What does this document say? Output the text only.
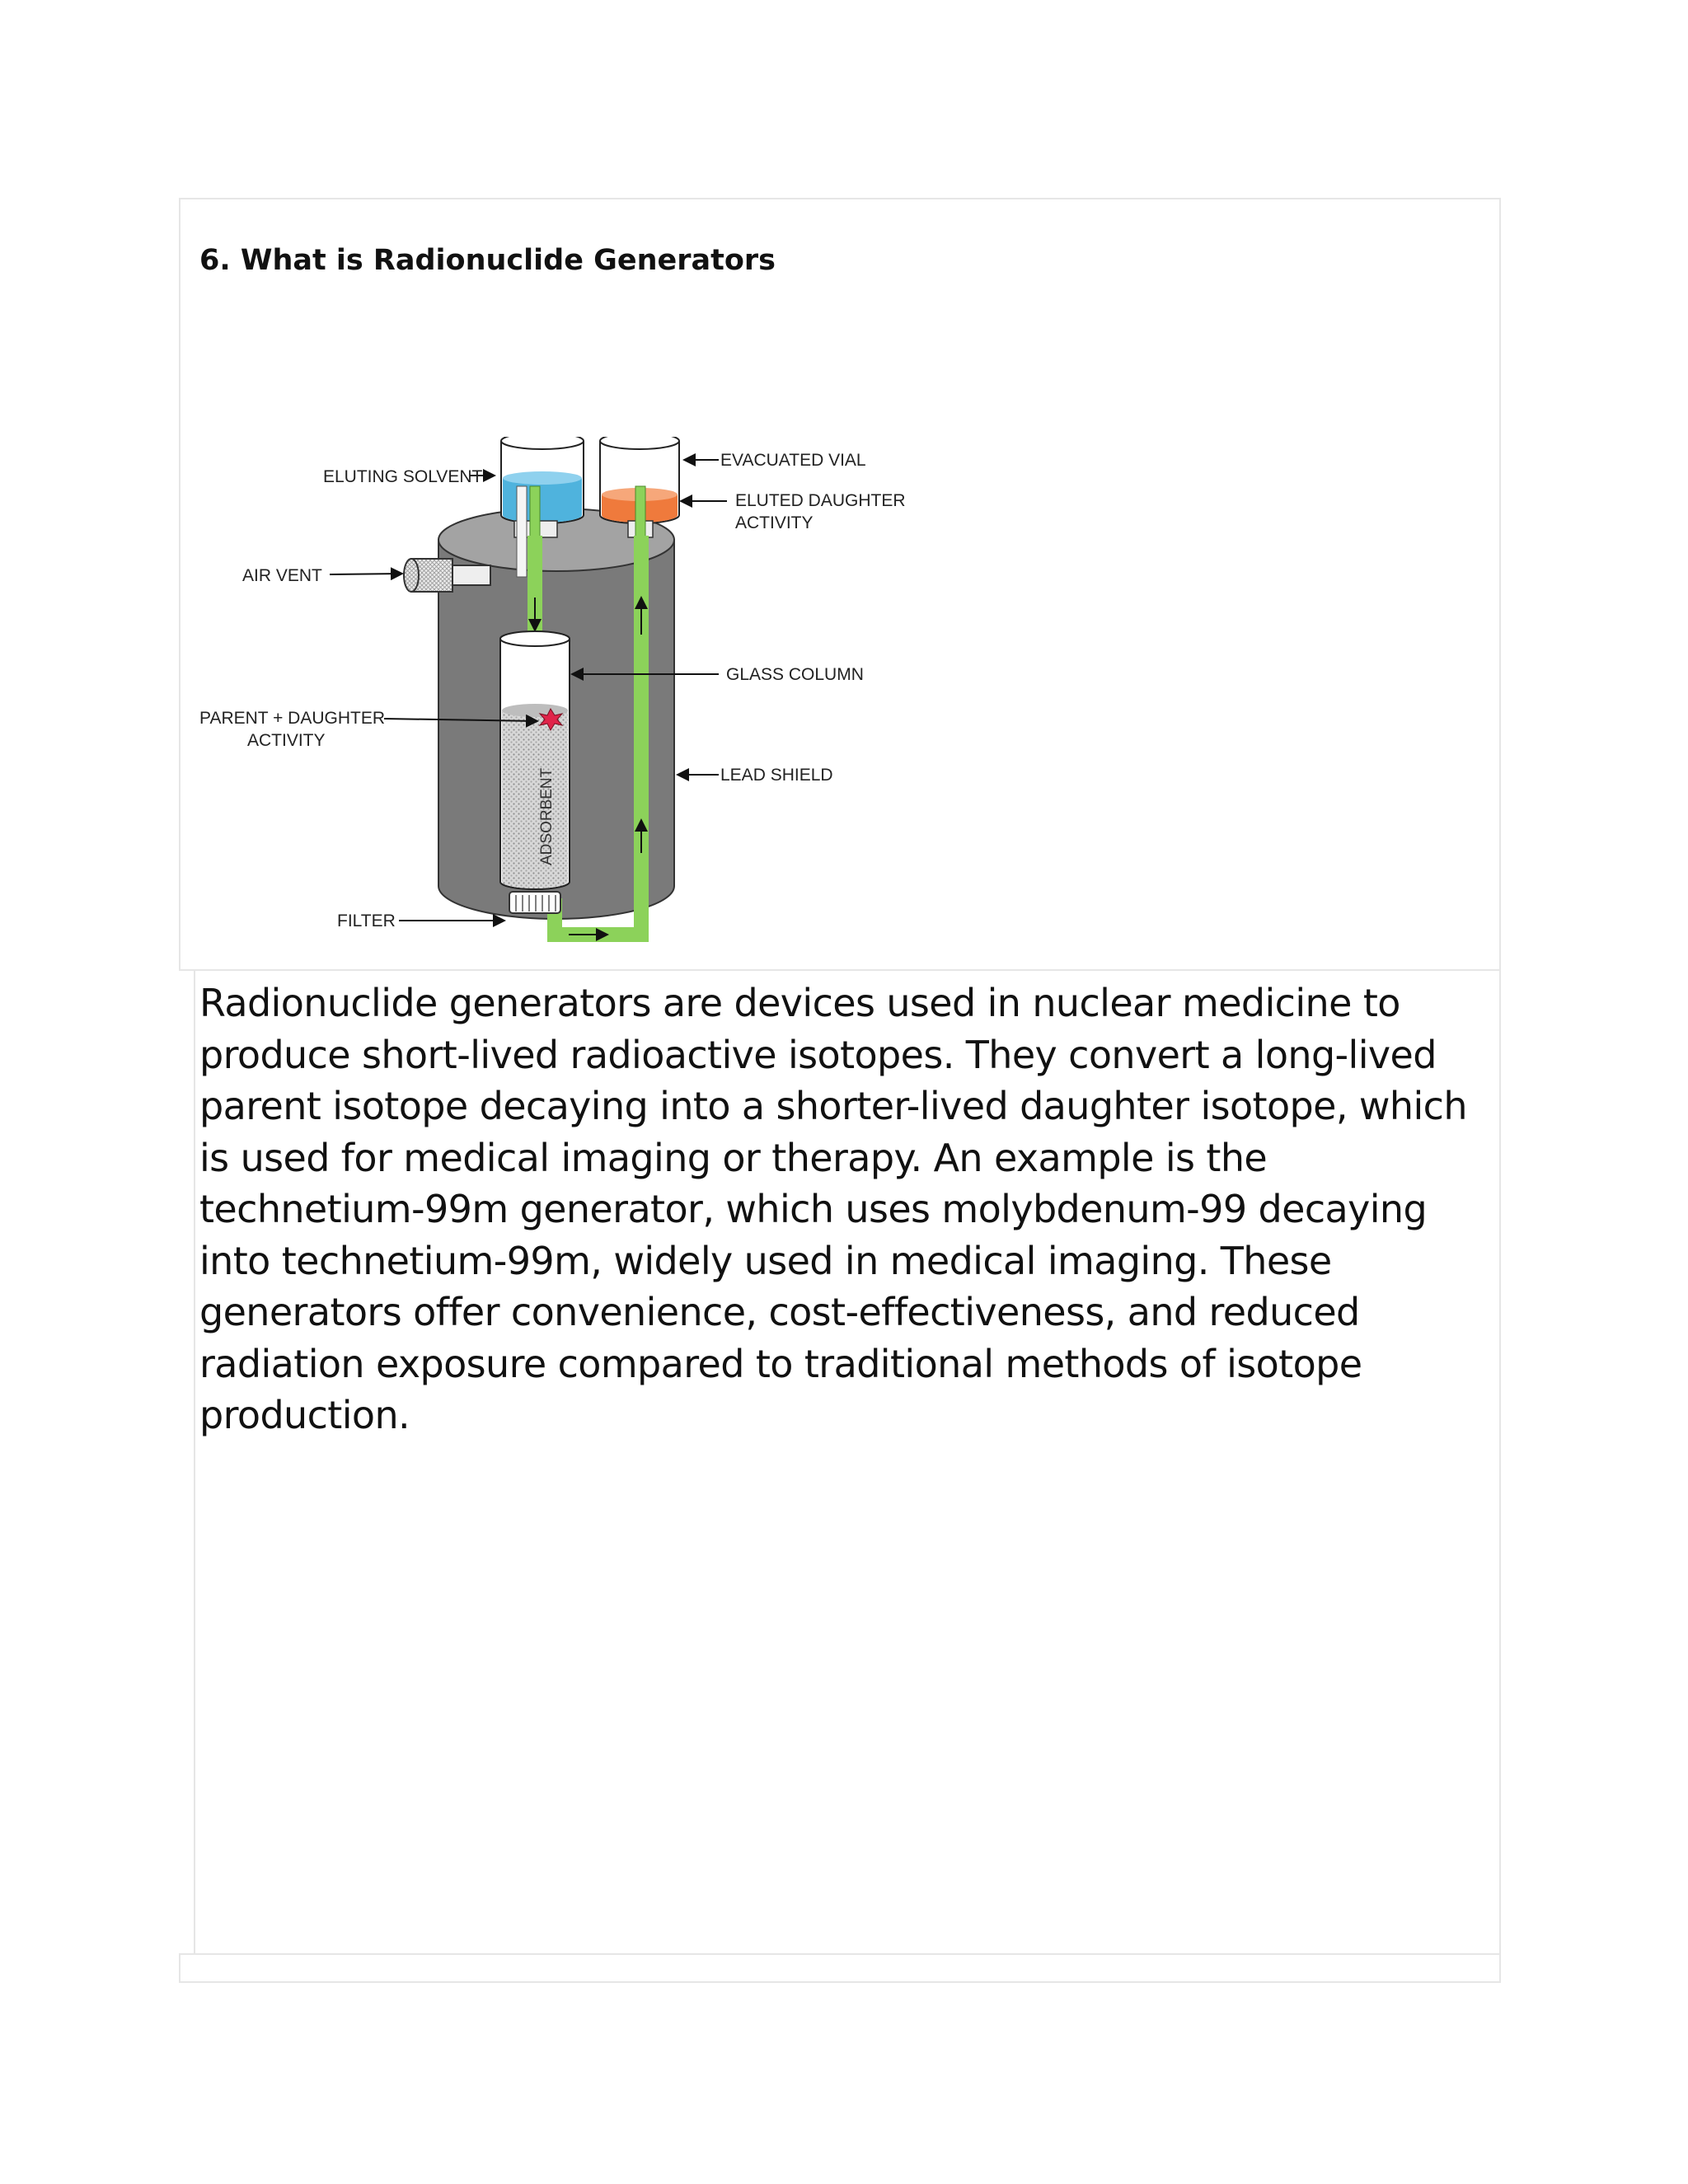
6. What is Radionuclide Generators
ADSORBENT
ELUTING SOLVENT
EVACUATED VIAL
ELUTED DAUGHTER
ACTIVITY
AIR VENT
GLASS COLUMN
PARENT + DAUGHTER
ACTIVITY
LEAD SHIELD
FILTER

Radionuclide generators are devices used in nuclear medicine to produce short-lived radioactive isotopes. They convert a long-lived parent isotope decaying into a shorter-lived daughter isotope, which is used for medical imaging or therapy. An example is the technetium-99m generator, which uses molybdenum-99 decaying into technetium-99m, widely used in medical imaging. These generators offer convenience, cost-effectiveness, and reduced radiation exposure compared to traditional methods of isotope production.
